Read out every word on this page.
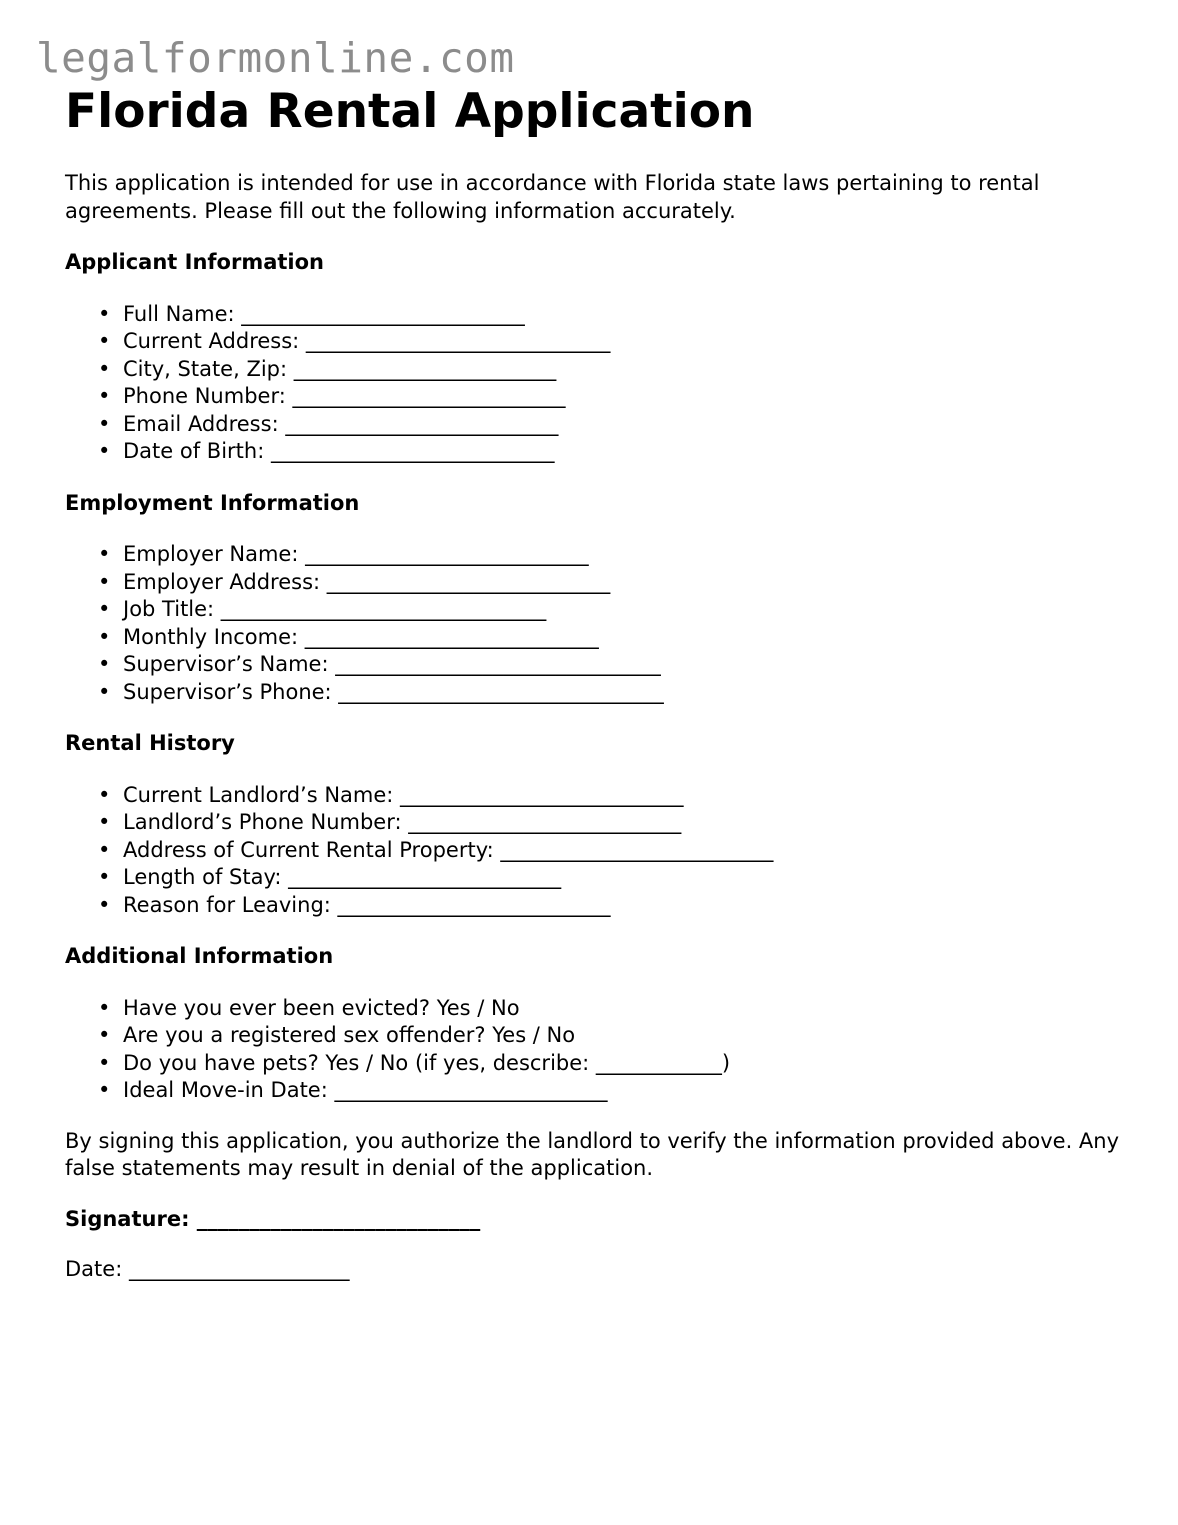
legalformonline.com
Florida Rental Application

This application is intended for use in accordance with Florida state laws pertaining to rental agreements. Please fill out the following information accurately.

Applicant Information
• Full Name: ___________________________
• Current Address: _____________________________
• City, State, Zip: _________________________
• Phone Number: __________________________
• Email Address: __________________________
• Date of Birth: ___________________________
Employment Information
• Employer Name: ___________________________
• Employer Address: ___________________________
• Job Title: _______________________________
• Monthly Income: ____________________________
• Supervisor’s Name: _______________________________
• Supervisor’s Phone: _______________________________
Rental History
• Current Landlord’s Name: ___________________________
• Landlord’s Phone Number: __________________________
• Address of Current Rental Property: __________________________
• Length of Stay: __________________________
• Reason for Leaving: __________________________
Additional Information
• Have you ever been evicted? Yes / No
• Are you a registered sex offender? Yes / No
• Do you have pets? Yes / No (if yes, describe: ____________)
• Ideal Move-in Date: __________________________

By signing this application, you authorize the landlord to verify the information provided above. Any false statements may result in denial of the application.

Signature: ___________________________

Date: _____________________
